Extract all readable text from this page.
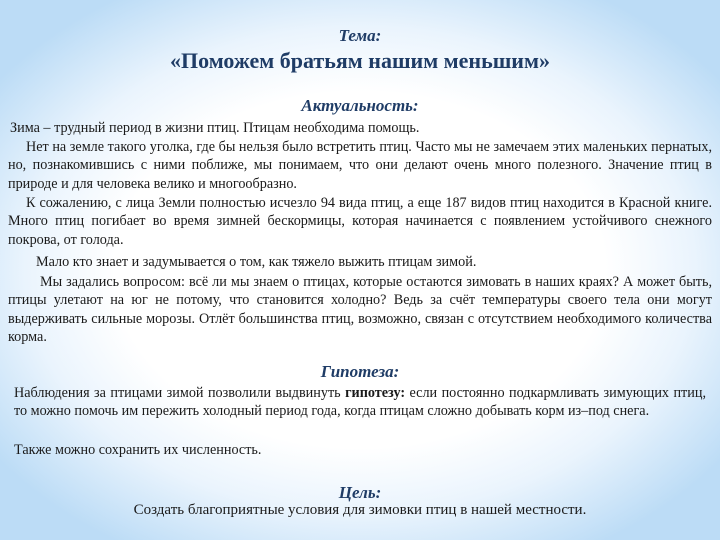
Тема:
«Поможем братьям нашим меньшим»
Актуальность:
Зима – трудный период в жизни птиц. Птицам необходима помощь.
Нет на земле такого уголка, где бы нельзя было встретить птиц. Часто мы не замечаем этих маленьких пернатых, но, познакомившись с ними поближе, мы понимаем, что они делают очень много полезного. Значение птиц в природе и для человека велико и многообразно.
К сожалению, с лица Земли полностью исчезло 94 вида птиц, а еще 187 видов птиц находится в Красной книге. Много птиц погибает во время зимней бескормицы, которая начинается с появлением устойчивого снежного покрова, от голода.
Мало кто знает и задумывается о том, как тяжело выжить птицам зимой.
Мы задались вопросом: всё ли мы знаем о птицах, которые остаются зимовать в наших краях? А может быть, птицы улетают на юг не потому, что становится холодно? Ведь за счёт температуры своего тела они могут выдерживать сильные морозы. Отлёт большинства птиц, возможно, связан с отсутствием необходимого количества корма.
Гипотеза:
Наблюдения за птицами зимой позволили выдвинуть гипотезу: если постоянно подкармливать зимующих птиц, то можно помочь им пережить холодный период года, когда птицам сложно добывать корм из–под снега.
Также можно сохранить их численность.
Цель:
Создать благоприятные условия для зимовки птиц в нашей местности.
